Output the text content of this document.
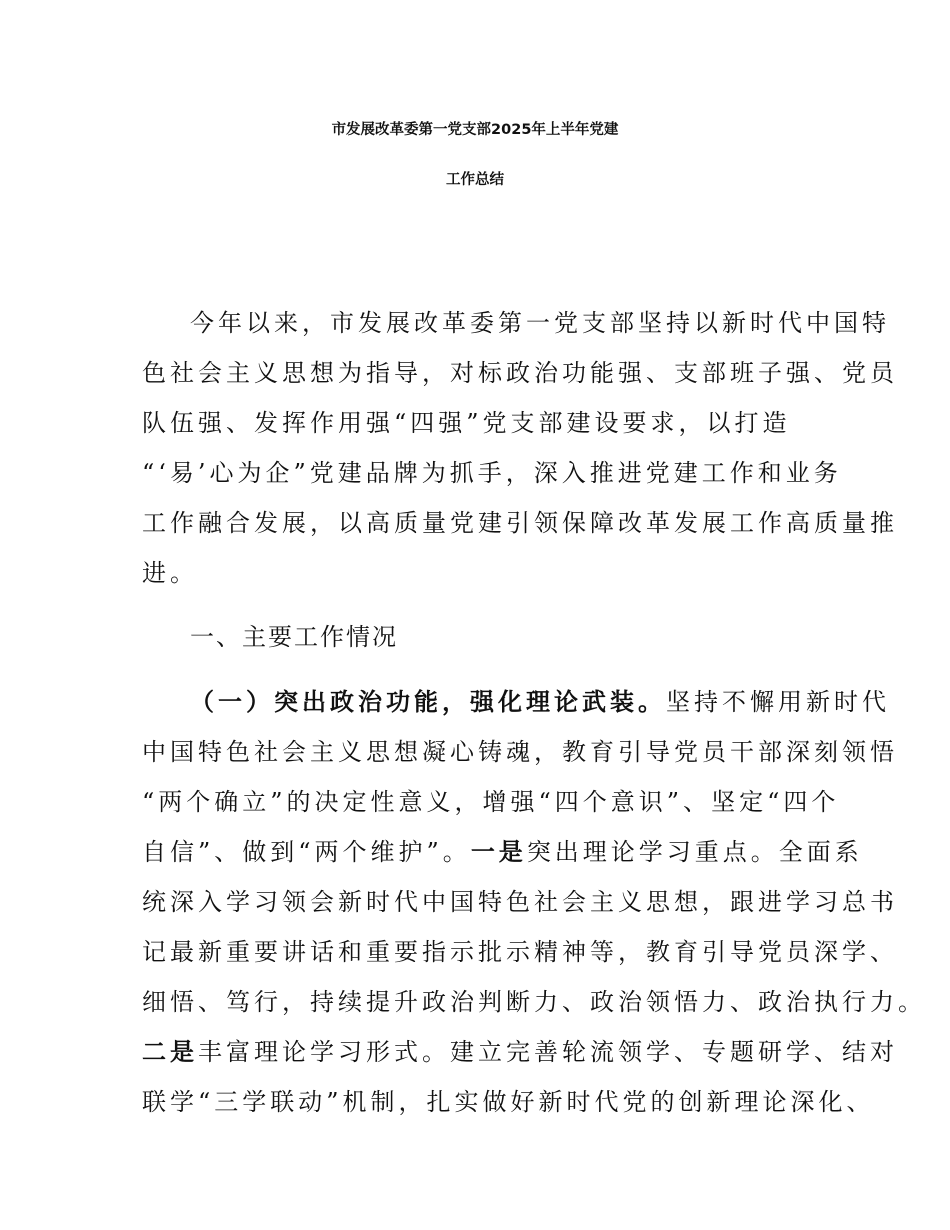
市发展改革委第一党支部2025年上半年党建
工作总结
今年以来，市发展改革委第一党支部坚持以新时代中国特
色社会主义思想为指导，对标政治功能强、支部班子强、党员
队伍强、发挥作用强“四强”党支部建设要求，以打造
“‘易’心为企”党建品牌为抓手，深入推进党建工作和业务
工作融合发展，以高质量党建引领保障改革发展工作高质量推
进。
一、主要工作情况
（一）突出政治功能，强化理论武装。坚持不懈用新时代
中国特色社会主义思想凝心铸魂，教育引导党员干部深刻领悟
“两个确立”的决定性意义，增强“四个意识”、坚定“四个
自信”、做到“两个维护”。一是突出理论学习重点。全面系
统深入学习领会新时代中国特色社会主义思想，跟进学习总书
记最新重要讲话和重要指示批示精神等，教育引导党员深学、
细悟、笃行，持续提升政治判断力、政治领悟力、政治执行力。
二是丰富理论学习形式。建立完善轮流领学、专题研学、结对
联学“三学联动”机制，扎实做好新时代党的创新理论深化、
